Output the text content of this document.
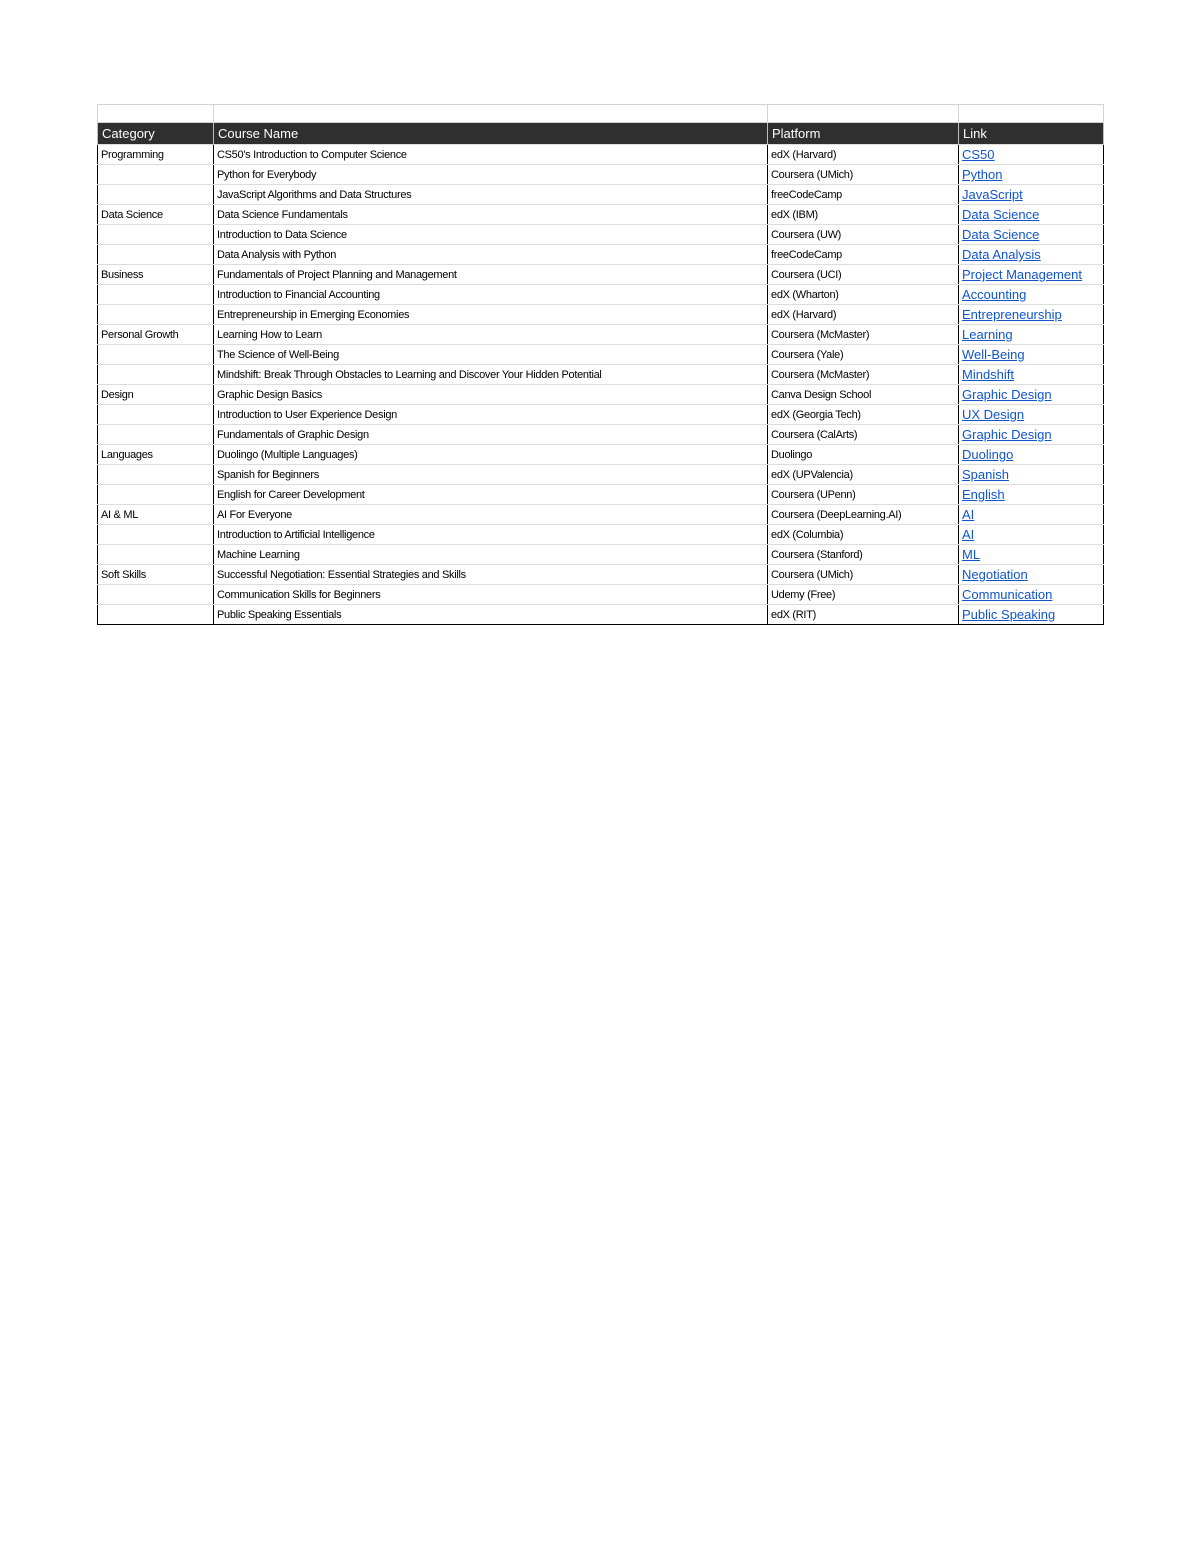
Category	Course Name	Platform	Link
Programming	CS50's Introduction to Computer Science	edX (Harvard)	CS50
	Python for Everybody	Coursera (UMich)	Python
	JavaScript Algorithms and Data Structures	freeCodeCamp	JavaScript
Data Science	Data Science Fundamentals	edX (IBM)	Data Science
	Introduction to Data Science	Coursera (UW)	Data Science
	Data Analysis with Python	freeCodeCamp	Data Analysis
Business	Fundamentals of Project Planning and Management	Coursera (UCI)	Project Management
	Introduction to Financial Accounting	edX (Wharton)	Accounting
	Entrepreneurship in Emerging Economies	edX (Harvard)	Entrepreneurship
Personal Growth	Learning How to Learn	Coursera (McMaster)	Learning
	The Science of Well-Being	Coursera (Yale)	Well-Being
	Mindshift: Break Through Obstacles to Learning and Discover Your Hidden Potential	Coursera (McMaster)	Mindshift
Design	Graphic Design Basics	Canva Design School	Graphic Design
	Introduction to User Experience Design	edX (Georgia Tech)	UX Design
	Fundamentals of Graphic Design	Coursera (CalArts)	Graphic Design
Languages	Duolingo (Multiple Languages)	Duolingo	Duolingo
	Spanish for Beginners	edX (UPValencia)	Spanish
	English for Career Development	Coursera (UPenn)	English
AI & ML	AI For Everyone	Coursera (DeepLearning.AI)	AI
	Introduction to Artificial Intelligence	edX (Columbia)	AI
	Machine Learning	Coursera (Stanford)	ML
Soft Skills	Successful Negotiation: Essential Strategies and Skills	Coursera (UMich)	Negotiation
	Communication Skills for Beginners	Udemy (Free)	Communication
	Public Speaking Essentials	edX (RIT)	Public Speaking
